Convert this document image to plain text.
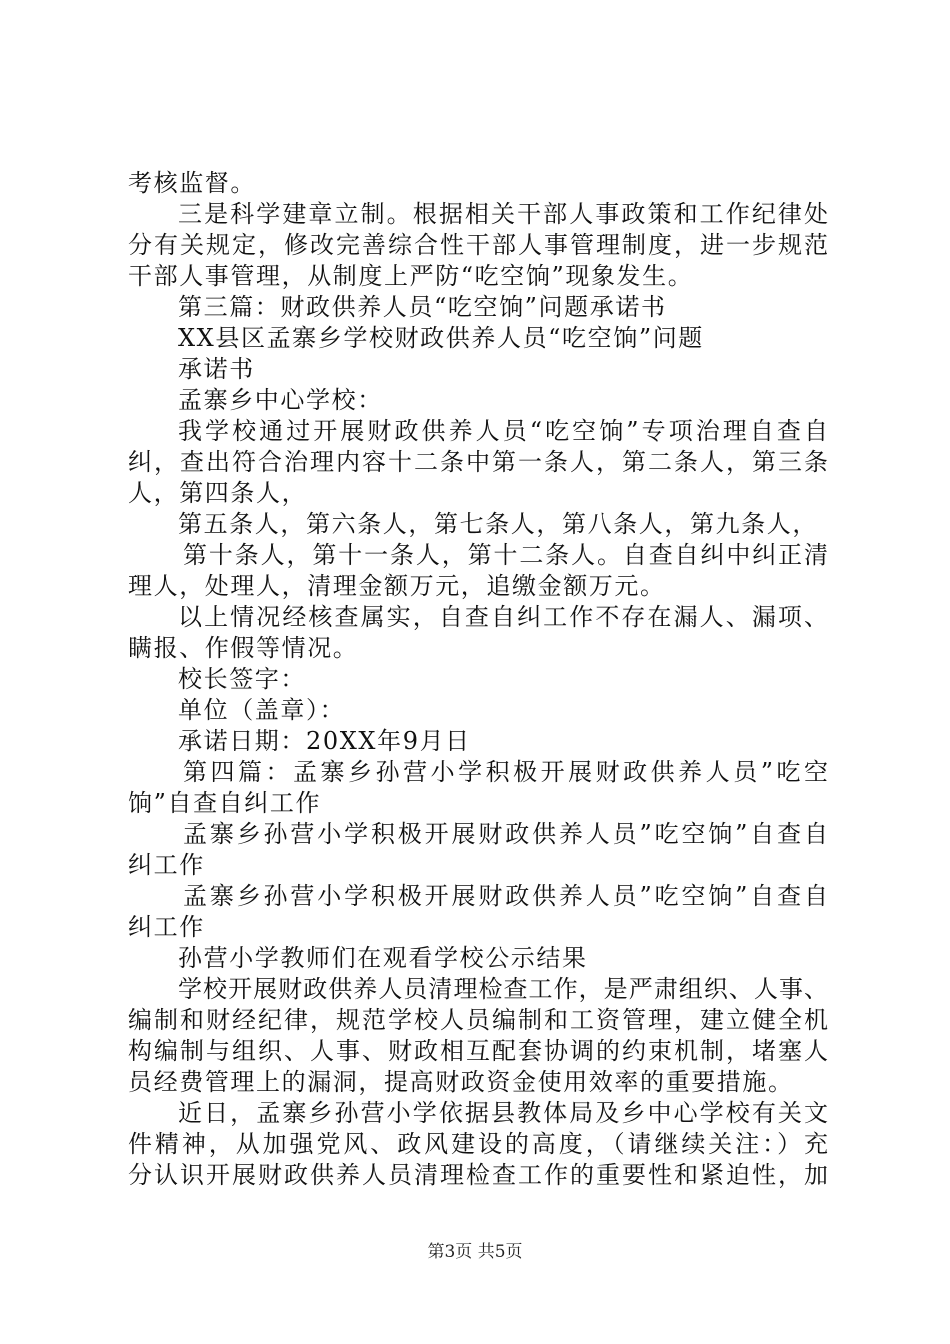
考核监督。
三是科学建章立制。根据相关干部人事政策和工作纪律处
分有关规定，修改完善综合性干部人事管理制度，进一步规范
干部人事管理，从制度上严防“吃空饷”现象发生。
第三篇：财政供养人员“吃空饷”问题承诺书
XX县区孟寨乡学校财政供养人员“吃空饷”问题
承诺书
孟寨乡中心学校：
我学校通过开展财政供养人员“吃空饷”专项治理自查自
纠，查出符合治理内容十二条中第一条人，第二条人，第三条
人，第四条人，
第五条人，第六条人，第七条人，第八条人，第九条人，
第十条人，第十一条人，第十二条人。自查自纠中纠正清
理人，处理人，清理金额万元，追缴金额万元。
以上情况经核查属实，自查自纠工作不存在漏人、漏项、
瞒报、作假等情况。
校长签字：
单位（盖章）：
承诺日期：20XX年9月日
第四篇：孟寨乡孙营小学积极开展财政供养人员”吃空
饷”自查自纠工作
孟寨乡孙营小学积极开展财政供养人员”吃空饷”自查自
纠工作
孟寨乡孙营小学积极开展财政供养人员”吃空饷”自查自
纠工作
孙营小学教师们在观看学校公示结果
学校开展财政供养人员清理检查工作，是严肃组织、人事、
编制和财经纪律，规范学校人员编制和工资管理，建立健全机
构编制与组织、人事、财政相互配套协调的约束机制，堵塞人
员经费管理上的漏洞，提高财政资金使用效率的重要措施。
近日，孟寨乡孙营小学依据县教体局及乡中心学校有关文
件精神，从加强党风、政风建设的高度，（请继续关注：）充
分认识开展财政供养人员清理检查工作的重要性和紧迫性，加
第3页 共5页
